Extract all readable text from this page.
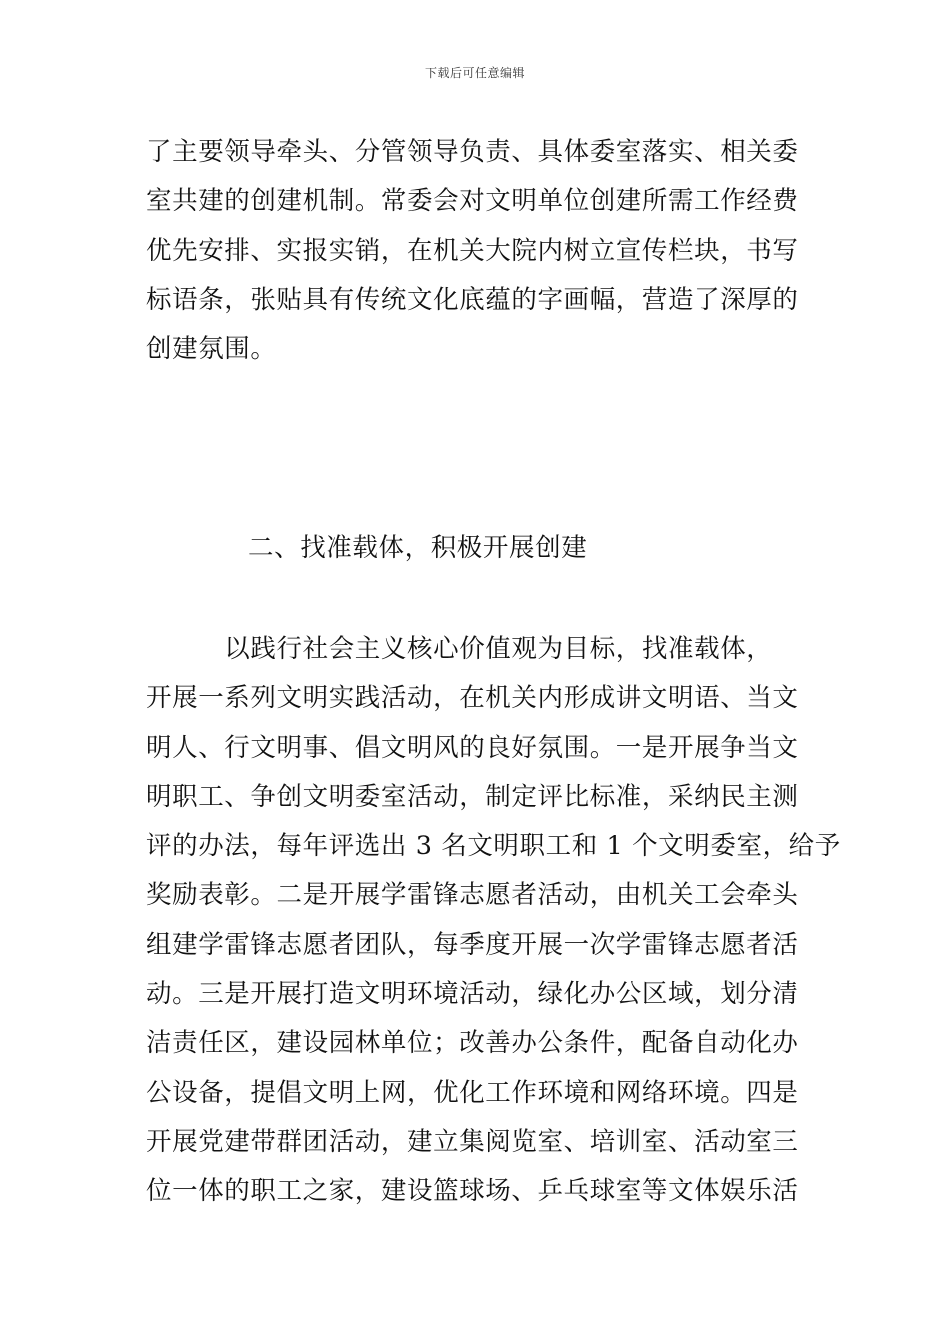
下载后可任意编辑
了主要领导牵头、分管领导负责、具体委室落实、相关委
室共建的创建机制。常委会对文明单位创建所需工作经费
优先安排、实报实销，在机关大院内树立宣传栏块，书写
标语条，张贴具有传统文化底蕴的字画幅，营造了深厚的
创建氛围。
二、找准载体，积极开展创建
　　　以践行社会主义核心价值观为目标，找准载体，
开展一系列文明实践活动，在机关内形成讲文明语、当文
明人、行文明事、倡文明风的良好氛围。一是开展争当文
明职工、争创文明委室活动，制定评比标准，采纳民主测
评的办法，每年评选出 3 名文明职工和 1 个文明委室，给予
奖励表彰。二是开展学雷锋志愿者活动，由机关工会牵头
组建学雷锋志愿者团队，每季度开展一次学雷锋志愿者活
动。三是开展打造文明环境活动，绿化办公区域，划分清
洁责任区，建设园林单位；改善办公条件，配备自动化办
公设备，提倡文明上网，优化工作环境和网络环境。四是
开展党建带群团活动，建立集阅览室、培训室、活动室三
位一体的职工之家，建设篮球场、乒乓球室等文体娱乐活
